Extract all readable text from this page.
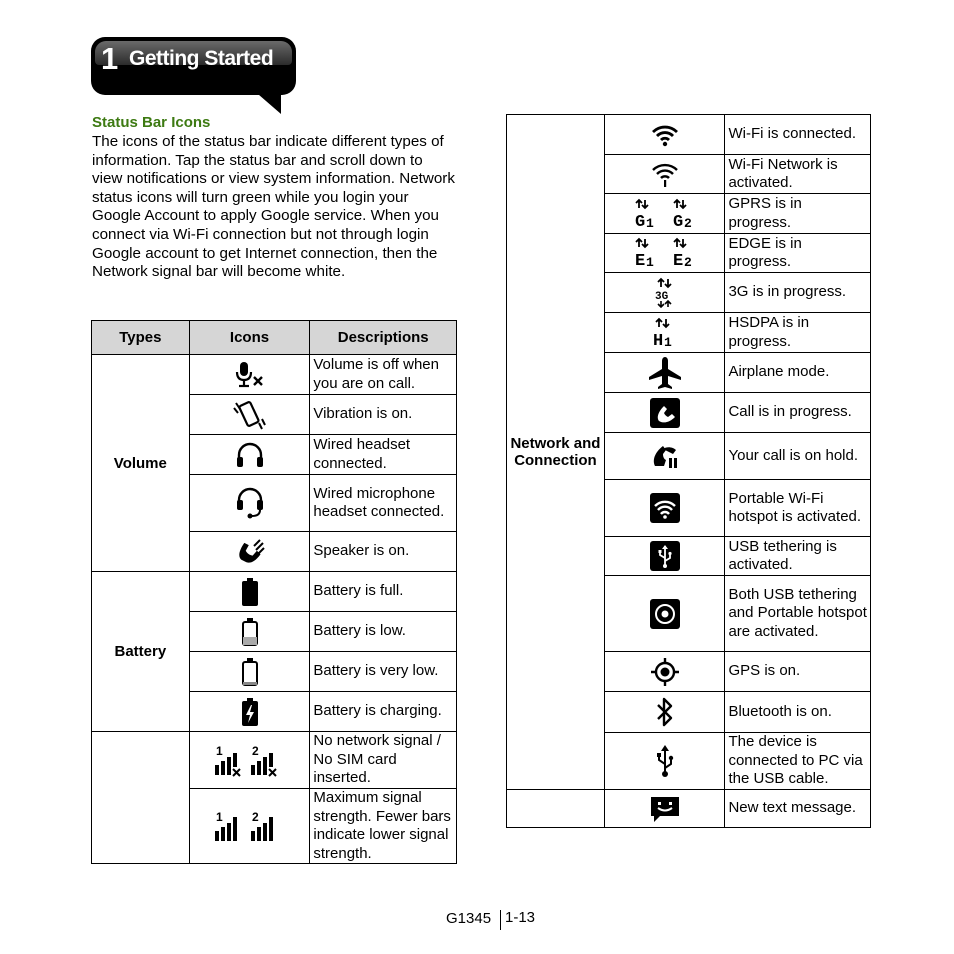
1 Getting Started
Status Bar Icons

The icons of the status bar indicate different types of information. Tap the status bar and scroll down to view notifications or view system information. Network status icons will turn green while you login your Google Account to apply Google service. When you connect via Wi-Fi connection but not through login Google account to get Internet connection, then the Network signal bar will become white.

Types	Icons	Descriptions
Volume		Volume is off when you are on call.
	Vibration is on.
	Wired headset connected.
	Wired microphone headset connected.
	Speaker is on.
Battery		Battery is full.
	Battery is low.
	Battery is very low.
	Battery is charging.

1 2	No network signal / No SIM card inserted.

1 2	Maximum signal strength. Fewer bars indicate lower signal strength.
Network and Connection		Wi-Fi is connected.
	Wi-Fi Network is activated.

G 1 G 2	GPRS is in progress.

E 1 E 2	EDGE is in progress.

3G	3G is in progress.

H 1	HSDPA is in progress.
	Airplane mode.
	Call is in progress.
	Your call is on hold.
	Portable Wi-Fi hotspot is activated.
	USB tethering is activated.
	Both USB tethering and Portable hotspot are activated.
	GPS is on.
	Bluetooth is on.
	The device is connected to PC via the USB cable.
		New text message.
G1345 1-13
